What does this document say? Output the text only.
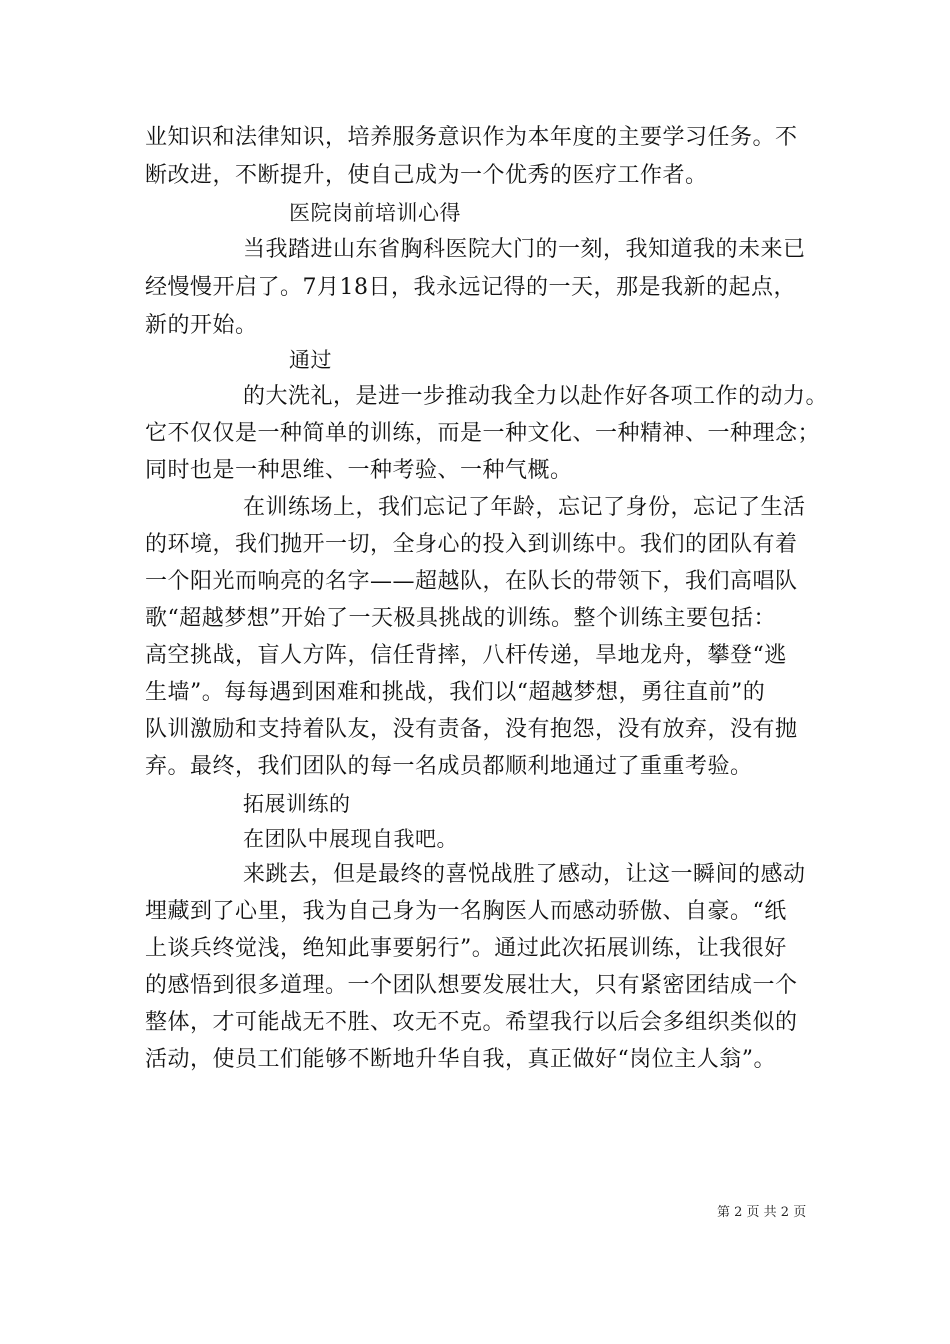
业知识和法律知识，培养服务意识作为本年度的主要学习任务。不
断改进，不断提升，使自己成为一个优秀的医疗工作者。
医院岗前培训心得
当我踏进山东省胸科医院大门的一刻，我知道我的未来已
经慢慢开启了。7月18日，我永远记得的一天，那是我新的起点，
新的开始。
通过
的大洗礼，是进一步推动我全力以赴作好各项工作的动力。
它不仅仅是一种简单的训练，而是一种文化、一种精神、一种理念；
同时也是一种思维、一种考验、一种气概。
在训练场上，我们忘记了年龄，忘记了身份，忘记了生活
的环境，我们抛开一切，全身心的投入到训练中。我们的团队有着
一个阳光而响亮的名字——超越队，在队长的带领下，我们高唱队
歌“超越梦想”开始了一天极具挑战的训练。整个训练主要包括：
高空挑战，盲人方阵，信任背摔，八杆传递，旱地龙舟，攀登“逃
生墙”。每每遇到困难和挑战，我们以“超越梦想，勇往直前”的
队训激励和支持着队友，没有责备，没有抱怨，没有放弃，没有抛
弃。最终，我们团队的每一名成员都顺利地通过了重重考验。
拓展训练的
在团队中展现自我吧。
来跳去，但是最终的喜悦战胜了感动，让这一瞬间的感动
埋藏到了心里，我为自己身为一名胸医人而感动骄傲、自豪。“纸
上谈兵终觉浅，绝知此事要躬行”。通过此次拓展训练，让我很好
的感悟到很多道理。一个团队想要发展壮大，只有紧密团结成一个
整体，才可能战无不胜、攻无不克。希望我行以后会多组织类似的
活动，使员工们能够不断地升华自我，真正做好“岗位主人翁”。
第 2 页 共 2 页
